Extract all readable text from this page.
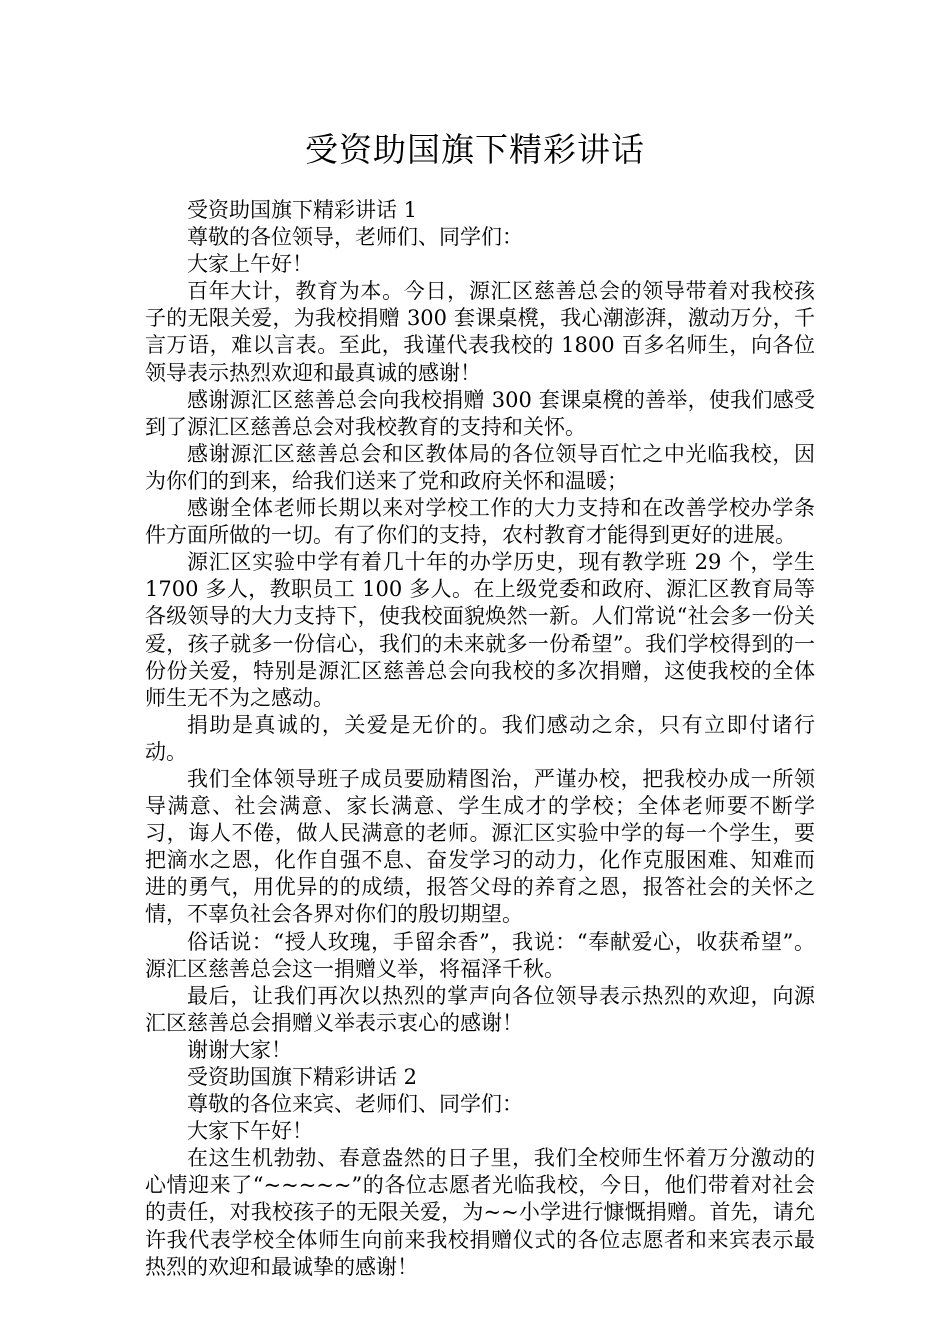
受资助国旗下精彩讲话

受资助国旗下精彩讲话 1

尊敬的各位领导，老师们、同学们：

大家上午好！

百年大计，教育为本。今日，源汇区慈善总会的领导带着对我校孩子的无限关爱，为我校捐赠 300 套课桌櫈，我心潮澎湃，激动万分，千言万语，难以言表。至此，我谨代表我校的 1800 百多名师生，向各位领导表示热烈欢迎和最真诚的感谢！

感谢源汇区慈善总会向我校捐赠 300 套课桌櫈的善举，使我们感受到了源汇区慈善总会对我校教育的支持和关怀。

感谢源汇区慈善总会和区教体局的各位领导百忙之中光临我校，因为你们的到来，给我们送来了党和政府关怀和温暖；

感谢全体老师长期以来对学校工作的大力支持和在改善学校办学条件方面所做的一切。有了你们的支持，农村教育才能得到更好的进展。

源汇区实验中学有着几十年的办学历史，现有教学班 29 个，学生 1700 多人，教职员工 100 多人。在上级党委和政府、源汇区教育局等各级领导的大力支持下，使我校面貌焕然一新。人们常说“社会多一份关爱，孩子就多一份信心，我们的未来就多一份希望”。我们学校得到的一份份关爱，特别是源汇区慈善总会向我校的多次捐赠，这使我校的全体师生无不为之感动。

捐助是真诚的，关爱是无价的。我们感动之余，只有立即付诸行动。

我们全体领导班子成员要励精图治，严谨办校，把我校办成一所领导满意、社会满意、家长满意、学生成才的学校；全体老师要不断学习，诲人不倦，做人民满意的老师。源汇区实验中学的每一个学生，要把滴水之恩，化作自强不息、奋发学习的动力，化作克服困难、知难而进的勇气，用优异的的成绩，报答父母的养育之恩，报答社会的关怀之情，不辜负社会各界对你们的殷切期望。

俗话说：“授人玫瑰，手留余香”，我说：“奉献爱心，收获希望”。源汇区慈善总会这一捐赠义举，将福泽千秋。

最后，让我们再次以热烈的掌声向各位领导表示热烈的欢迎，向源汇区慈善总会捐赠义举表示衷心的感谢！

谢谢大家！

受资助国旗下精彩讲话 2

尊敬的各位来宾、老师们、同学们：

大家下午好！

在这生机勃勃、春意盎然的日子里，我们全校师生怀着万分激动的心情迎来了“~~~~~”的各位志愿者光临我校，今日，他们带着对社会的责任，对我校孩子的无限关爱，为~~小学进行慷慨捐赠。首先，请允许我代表学校全体师生向前来我校捐赠仪式的各位志愿者和来宾表示最热烈的欢迎和最诚挚的感谢！
